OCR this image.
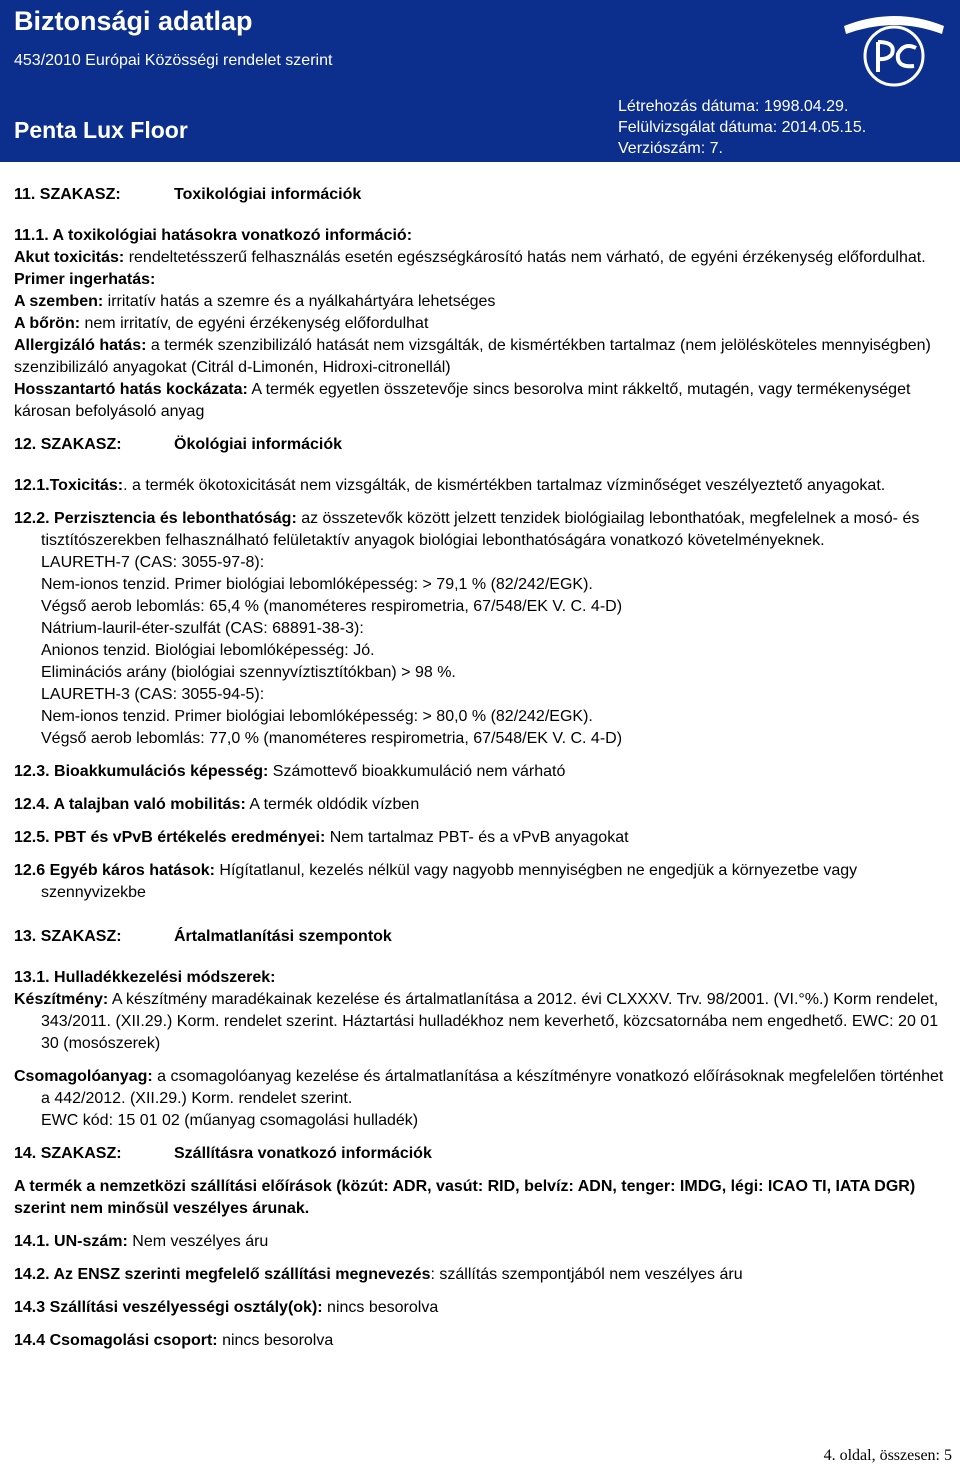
Biztonsági adatlap
453/2010 Európai Közösségi rendelet szerint
Penta Lux Floor
Létrehozás dátuma: 1998.04.29.
Felülvizsgálat dátuma: 2014.05.15.
Verziószám: 7.
11. SZAKASZ:	Toxikológiai információk

11.1. A toxikológiai hatásokra vonatkozó információ:

Akut toxicitás: rendeltetésszerű felhasználás esetén egészségkárosító hatás nem várható, de egyéni érzékenység előfordulhat.

Primer ingerhatás:

A szemben: irritatív hatás a szemre és a nyálkahártyára lehetséges

A bőrön: nem irritatív, de egyéni érzékenység előfordulhat

Allergizáló hatás: a termék szenzibilizáló hatását nem vizsgálták, de kismértékben tartalmaz (nem jelölésköteles mennyiségben) szenzibilizáló anyagokat (Citrál d-Limonén, Hidroxi-citronellál)

Hosszantartó hatás kockázata: A termék egyetlen összetevője sincs besorolva mint rákkeltő, mutagén, vagy termékenységet károsan befolyásoló anyag

12. SZAKASZ:	Ökológiai információk

12.1.Toxicitás:. a termék ökotoxicitását nem vizsgálták, de kismértékben tartalmaz vízminőséget veszélyeztető anyagokat.

12.2. Perzisztencia és lebonthatóság: az összetevők között jelzett tenzidek biológiailag lebonthatóak, megfelelnek a mosó- és tisztítószerekben felhasználható felületaktív anyagok biológiai lebonthatóságára vonatkozó követelményeknek.

LAURETH-7 (CAS: 3055-97-8):

Nem-ionos tenzid. Primer biológiai lebomlóképesség: > 79,1 % (82/242/EGK).

Végső aerob lebomlás: 65,4 % (manométeres respirometria, 67/548/EK V. C. 4-D)

Nátrium-lauril-éter-szulfát (CAS: 68891-38-3):

Anionos tenzid. Biológiai lebomlóképesség: Jó.

Eliminációs arány (biológiai szennyvíztisztítókban) > 98 %.

LAURETH-3 (CAS: 3055-94-5):

Nem-ionos tenzid. Primer biológiai lebomlóképesség: > 80,0 % (82/242/EGK).

Végső aerob lebomlás: 77,0 % (manométeres respirometria, 67/548/EK V. C. 4-D)

12.3. Bioakkumulációs képesség: Számottevő bioakkumuláció nem várható

12.4. A talajban való mobilitás: A termék oldódik vízben

12.5. PBT és vPvB értékelés eredményei: Nem tartalmaz PBT- és a vPvB anyagokat

12.6 Egyéb káros hatások: Hígítatlanul, kezelés nélkül vagy nagyobb mennyiségben ne engedjük a környezetbe vagy szennyvizekbe

13. SZAKASZ:	Ártalmatlanítási szempontok

13.1. Hulladékkezelési módszerek:

Készítmény: A készítmény maradékainak kezelése és ártalmatlanítása a 2012. évi CLXXXV. Trv. 98/2001. (VI.°%.) Korm rendelet, 343/2011. (XII.29.) Korm. rendelet szerint. Háztartási hulladékhoz nem keverhető, közcsatornába nem engedhető. EWC: 20 01 30 (mosószerek)

Csomagolóanyag: a csomagolóanyag kezelése és ártalmatlanítása a készítményre vonatkozó előírásoknak megfelelően történhet a 442/2012. (XII.29.) Korm. rendelet szerint.

EWC kód: 15 01 02 (műanyag csomagolási hulladék)

14. SZAKASZ:	Szállításra vonatkozó információk

A termék a nemzetközi szállítási előírások (közút: ADR, vasút: RID, belvíz: ADN, tenger: IMDG, légi: ICAO TI, IATA DGR) szerint nem minősül veszélyes árunak.

14.1. UN-szám: Nem veszélyes áru

14.2. Az ENSZ szerinti megfelelő szállítási megnevezés: szállítás szempontjából nem veszélyes áru

14.3 Szállítási veszélyességi osztály(ok): nincs besorolva

14.4 Csomagolási csoport: nincs besorolva

4. oldal, összesen: 5
